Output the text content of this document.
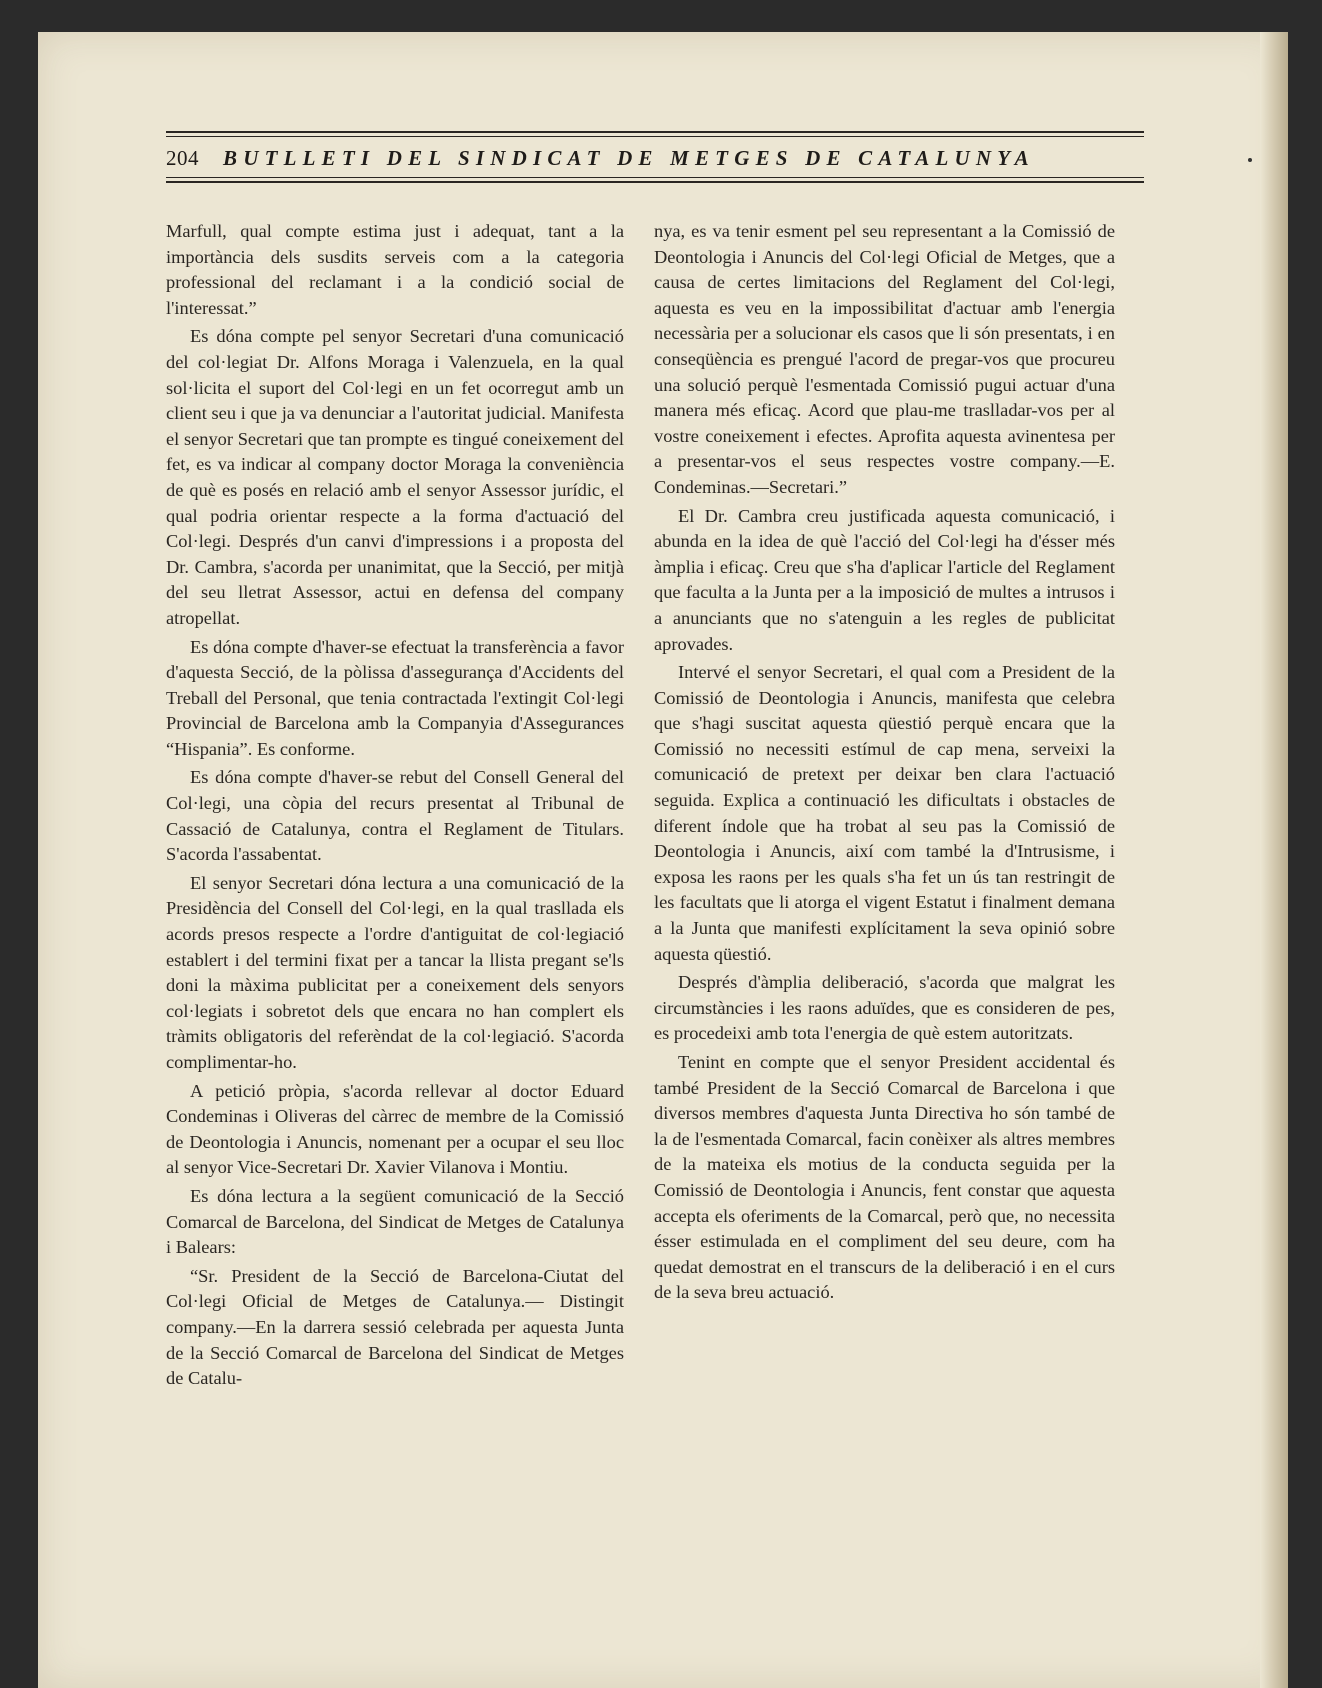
204 BUTLLETI DEL SINDICAT DE METGES DE CATALUNYA

Marfull, qual compte estima just i adequat, tant a la importància dels susdits serveis com a la categoria professional del reclamant i a la condició social de l'interessat.”

Es dóna compte pel senyor Secretari d'una comunicació del col·legiat Dr. Alfons Moraga i Valenzuela, en la qual sol·licita el suport del Col·legi en un fet ocorregut amb un client seu i que ja va denunciar a l'autoritat judicial. Manifesta el senyor Secretari que tan prompte es tingué coneixement del fet, es va indicar al company doctor Moraga la conveniència de què es posés en relació amb el senyor Assessor jurídic, el qual podria orientar respecte a la forma d'actuació del Col·legi. Després d'un canvi d'impressions i a proposta del Dr. Cambra, s'acorda per unanimitat, que la Secció, per mitjà del seu lletrat Assessor, actui en defensa del company atropellat.

Es dóna compte d'haver-se efectuat la transferència a favor d'aquesta Secció, de la pòlissa d'assegurança d'Accidents del Treball del Personal, que tenia contractada l'extingit Col·legi Provincial de Barcelona amb la Companyia d'Assegurances “Hispania”. Es conforme.

Es dóna compte d'haver-se rebut del Consell General del Col·legi, una còpia del recurs presentat al Tribunal de Cassació de Catalunya, contra el Reglament de Titulars. S'acorda l'assabentat.

El senyor Secretari dóna lectura a una comunicació de la Presidència del Consell del Col·legi, en la qual trasllada els acords presos respecte a l'ordre d'antiguitat de col·legiació establert i del termini fixat per a tancar la llista pregant se'ls doni la màxima publicitat per a coneixement dels senyors col·legiats i sobretot dels que encara no han complert els tràmits obligatoris del referèndat de la col·legiació. S'acorda complimentar-ho.

A petició pròpia, s'acorda rellevar al doctor Eduard Condeminas i Oliveras del càrrec de membre de la Comissió de Deontologia i Anuncis, nomenant per a ocupar el seu lloc al senyor Vice-Secretari Dr. Xavier Vilanova i Montiu.

Es dóna lectura a la següent comunicació de la Secció Comarcal de Barcelona, del Sindicat de Metges de Catalunya i Balears:

“Sr. President de la Secció de Barcelona-Ciutat del Col·legi Oficial de Metges de Catalunya.— Distingit company.—En la darrera sessió celebrada per aquesta Junta de la Secció Comarcal de Barcelona del Sindicat de Metges de Catalu-

nya, es va tenir esment pel seu representant a la Comissió de Deontologia i Anuncis del Col·legi Oficial de Metges, que a causa de certes limitacions del Reglament del Col·legi, aquesta es veu en la impossibilitat d'actuar amb l'energia necessària per a solucionar els casos que li són presentats, i en conseqüència es prengué l'acord de pregar-vos que procureu una solució perquè l'esmentada Comissió pugui actuar d'una manera més eficaç. Acord que plau-me traslladar-vos per al vostre coneixement i efectes. Aprofita aquesta avinentesa per a presentar-vos el seus respectes vostre company.—E. Condeminas.—Secretari.”

El Dr. Cambra creu justificada aquesta comunicació, i abunda en la idea de què l'acció del Col·legi ha d'ésser més àmplia i eficaç. Creu que s'ha d'aplicar l'article del Reglament que faculta a la Junta per a la imposició de multes a intrusos i a anunciants que no s'atenguin a les regles de publicitat aprovades.

Intervé el senyor Secretari, el qual com a President de la Comissió de Deontologia i Anuncis, manifesta que celebra que s'hagi suscitat aquesta qüestió perquè encara que la Comissió no necessiti estímul de cap mena, serveixi la comunicació de pretext per deixar ben clara l'actuació seguida. Explica a continuació les dificultats i obstacles de diferent índole que ha trobat al seu pas la Comissió de Deontologia i Anuncis, així com també la d'Intrusisme, i exposa les raons per les quals s'ha fet un ús tan restringit de les facultats que li atorga el vigent Estatut i finalment demana a la Junta que manifesti explícitament la seva opinió sobre aquesta qüestió.

Després d'àmplia deliberació, s'acorda que malgrat les circumstàncies i les raons aduïdes, que es consideren de pes, es procedeixi amb tota l'energia de què estem autoritzats.

Tenint en compte que el senyor President accidental és també President de la Secció Comarcal de Barcelona i que diversos membres d'aquesta Junta Directiva ho són també de la de l'esmentada Comarcal, facin conèixer als altres membres de la mateixa els motius de la conducta seguida per la Comissió de Deontologia i Anuncis, fent constar que aquesta accepta els oferiments de la Comarcal, però que, no necessita ésser estimulada en el compliment del seu deure, com ha quedat demostrat en el transcurs de la deliberació i en el curs de la seva breu actuació.
